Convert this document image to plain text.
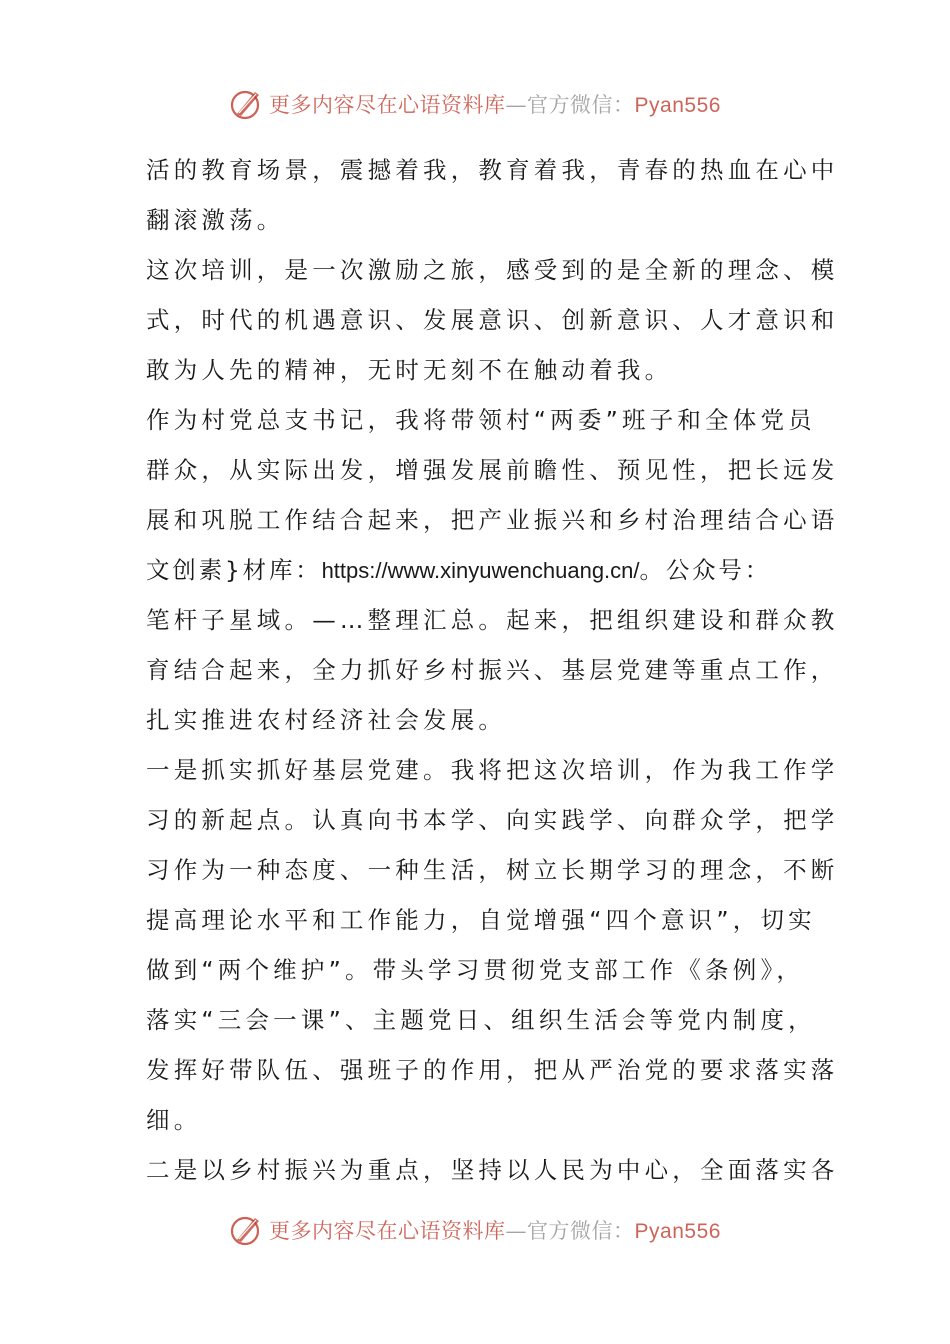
更多内容尽在心语资料库—官方微信：Pyan556
活的教育场景，震撼着我，教育着我，青春的热血在心中
翻滚激荡。
这次培训，是一次激励之旅，感受到的是全新的理念、模
式，时代的机遇意识、发展意识、创新意识、人才意识和
敢为人先的精神，无时无刻不在触动着我。
作为村党总支书记，我将带领村“两委”班子和全体党员
群众，从实际出发，增强发展前瞻性、预见性，把长远发
展和巩脱工作结合起来，把产业振兴和乡村治理结合心语
文创素}材库：https://www.xinyuwenchuang.cn/。公众号：
笔杆子星域。—…整理汇总。起来，把组织建设和群众教
育结合起来，全力抓好乡村振兴、基层党建等重点工作，
扎实推进农村经济社会发展。
一是抓实抓好基层党建。我将把这次培训，作为我工作学
习的新起点。认真向书本学、向实践学、向群众学，把学
习作为一种态度、一种生活，树立长期学习的理念，不断
提高理论水平和工作能力，自觉增强“四个意识”，切实
做到“两个维护”。带头学习贯彻党支部工作《条例》，
落实“三会一课”、主题党日、组织生活会等党内制度，
发挥好带队伍、强班子的作用，把从严治党的要求落实落
细。
二是以乡村振兴为重点，坚持以人民为中心，全面落实各
更多内容尽在心语资料库—官方微信：Pyan556
